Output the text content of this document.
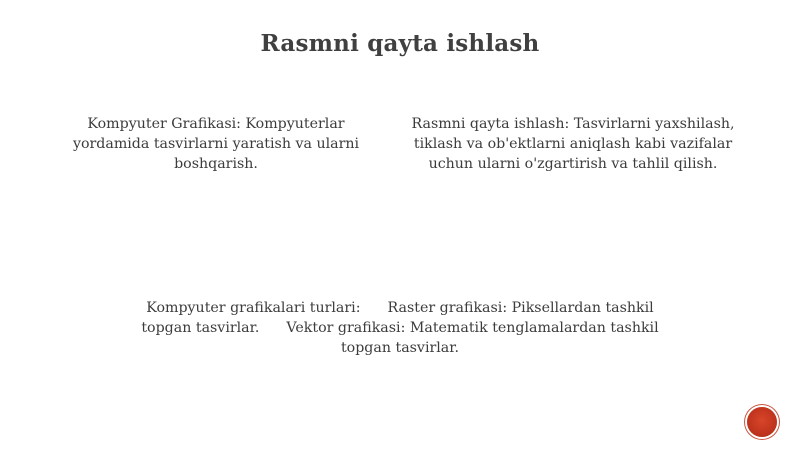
Rasmni qayta ishlash
Kompyuter Grafikasi: Kompyuterlar yordamida tasvirlarni yaratish va ularni boshqarish.
Rasmni qayta ishlash: Tasvirlarni yaxshilash, tiklash va ob'ektlarni aniqlash kabi vazifalar uchun ularni o'zgartirish va tahlil qilish.
Kompyuter grafikalari turlari:      Raster grafikasi: Piksellardan tashkil topgan tasvirlar.      Vektor grafikasi: Matematik tenglamalardan tashkil topgan tasvirlar.
